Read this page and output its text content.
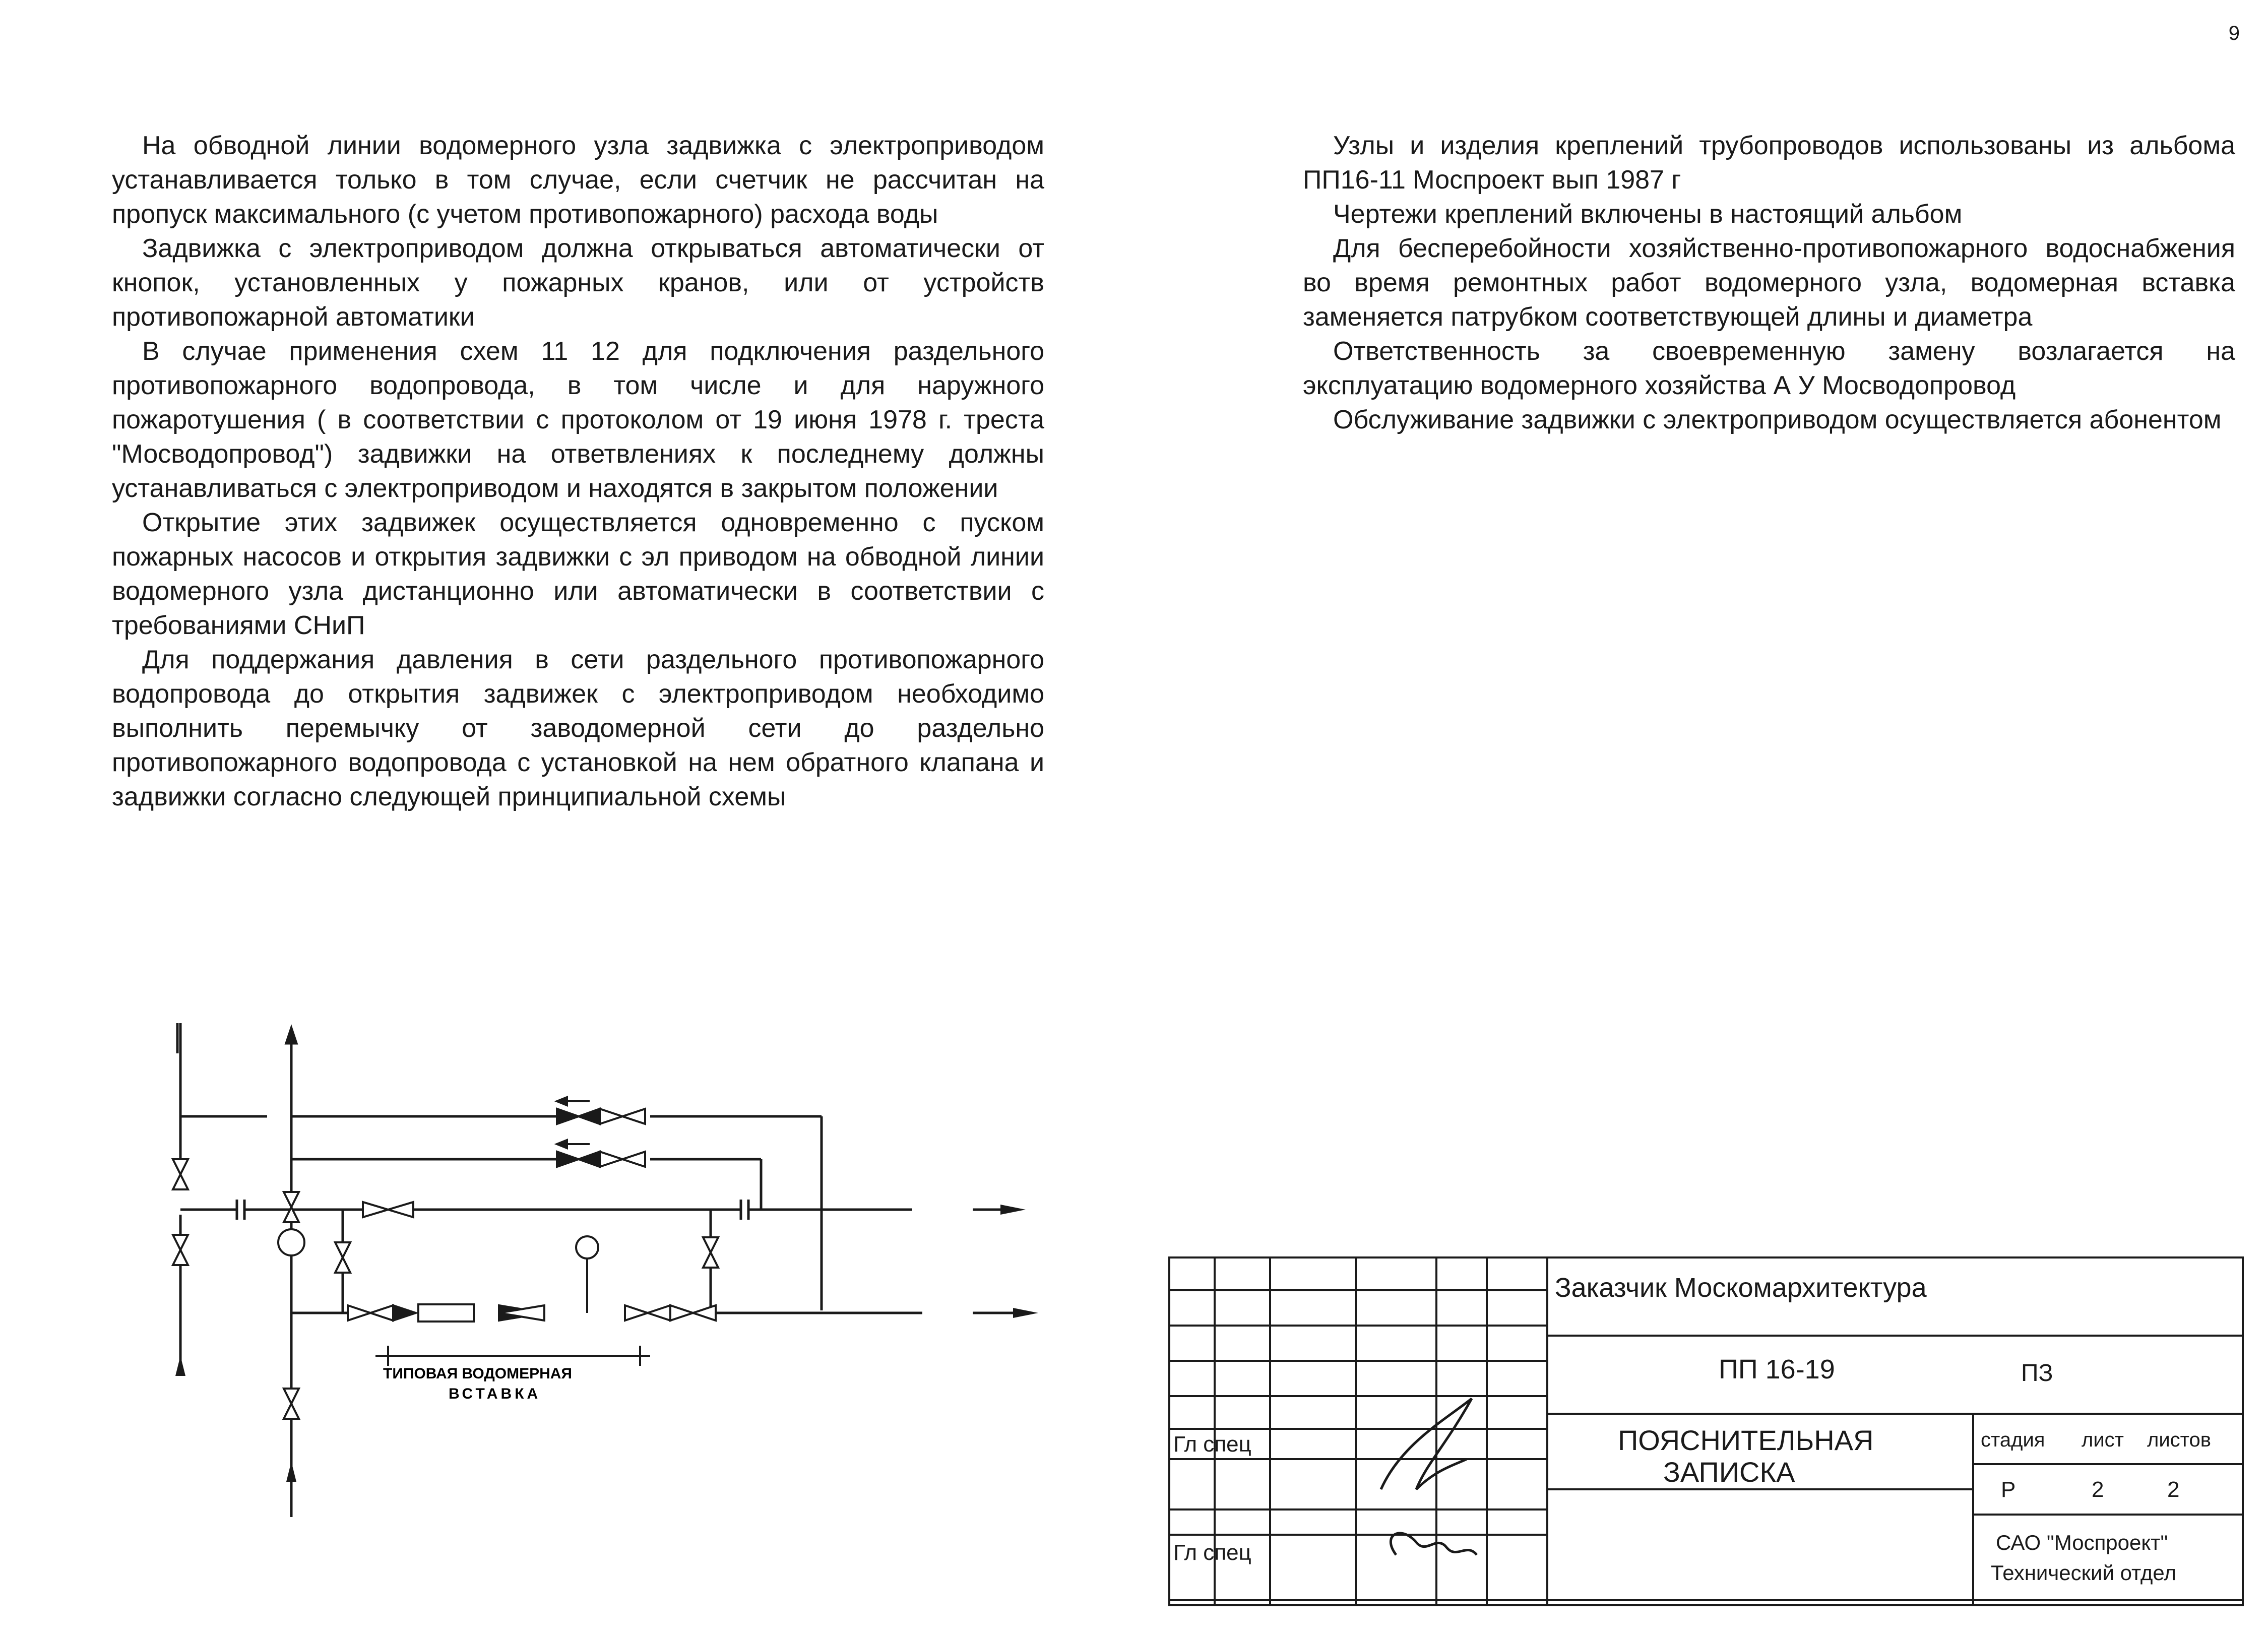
9

На обводной линии водомерного узла задвижка с электроприводом устанавливается только в том случае, если счетчик не рассчитан на пропуск максимального (с учетом противопожарного) расхода воды

Задвижка с электроприводом должна открываться автоматически от кнопок, установленных у пожарных кранов, или от устройств противопожарной автоматики

В случае применения схем 11 12 для подключения раздельного противопожарного водопровода, в том числе и для наружного пожаротушения ( в соответствии с протоколом от 19 июня 1978 г. треста "Мосводопровод") задвижки на ответвлениях к последнему должны устанавливаться с электроприводом и находятся в закрытом положении

Открытие этих задвижек осуществляется одновременно с пуском пожарных насосов и открытия задвижки с эл приводом на обводной линии водомерного узла дистанционно или автоматически в соответствии с требованиями СНиП

Для поддержания давления в сети раздельного противопожарного водопровода до открытия задвижек с электроприводом необходимо выполнить перемычку от заводомерной сети до раздельно противопожарного водопровода с установкой на нем обратного клапана и задвижки согласно следующей принципиальной схемы

Узлы и изделия креплений трубопроводов использованы из альбома ПП16-11 Моспроект вып 1987 г

Чертежи креплений включены в настоящий альбом

Для бесперебойности хозяйственно-противопожарного водоснабжения во время ремонтных работ водомерного узла, водомерная вставка заменяется патрубком соответствующей длины и диаметра

Ответственность за своевременную замену возлагается на эксплуатацию водомерного хозяйства А У Мосводопровод

Обслуживание задвижки с электроприводом осуществляется абонентом

ТИПОВАЯ ВОДОМЕРНАЯ
ВСТАВКА
Заказчик Москомархитектура
ПП 16-19	ПЗ
ПОЯСНИТЕЛЬНАЯ
ЗАПИСКА
стадия лист листов
Р	2	2
САО "Моспроект"
Технический отдел
Гл спец
Гл спец
